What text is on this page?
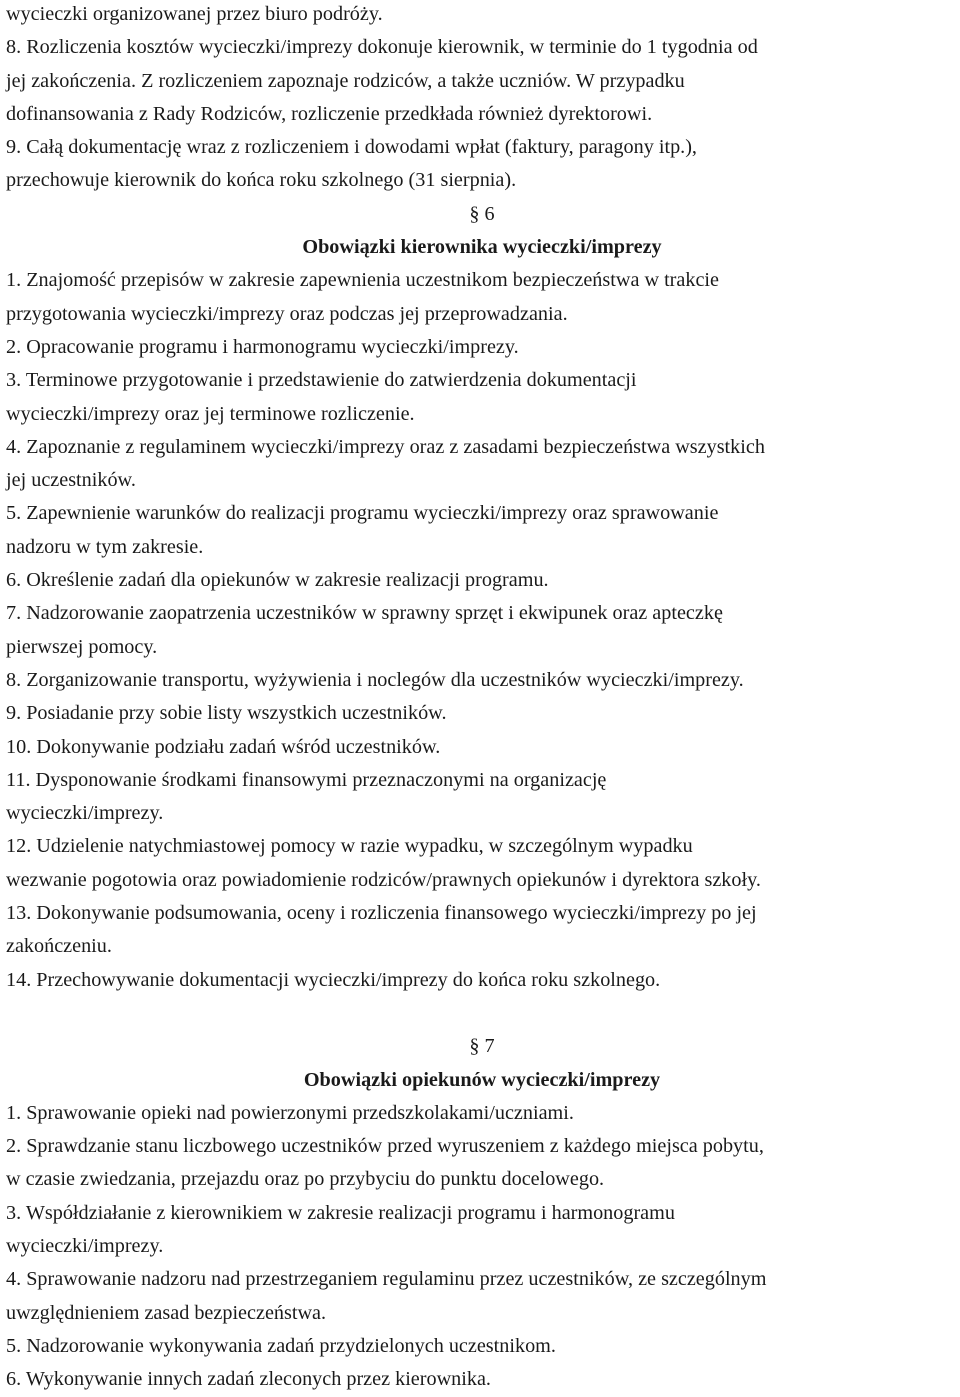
wycieczki organizowanej przez biuro podróży.
8. Rozliczenia kosztów wycieczki/imprezy dokonuje kierownik, w terminie do 1 tygodnia od
jej zakończenia. Z rozliczeniem zapoznaje rodziców, a także uczniów. W przypadku
dofinansowania z Rady Rodziców, rozliczenie przedkłada również dyrektorowi.
9. Całą dokumentację wraz z rozliczeniem i dowodami wpłat (faktury, paragony itp.),
przechowuje kierownik do końca roku szkolnego (31 sierpnia).
§ 6
Obowiązki kierownika wycieczki/imprezy
1. Znajomość przepisów w zakresie zapewnienia uczestnikom bezpieczeństwa w trakcie
przygotowania wycieczki/imprezy oraz podczas jej przeprowadzania.
2. Opracowanie programu i harmonogramu wycieczki/imprezy.
3. Terminowe przygotowanie i przedstawienie do zatwierdzenia dokumentacji
wycieczki/imprezy oraz jej terminowe rozliczenie.
4. Zapoznanie z regulaminem wycieczki/imprezy oraz z zasadami bezpieczeństwa wszystkich
jej uczestników.
5. Zapewnienie warunków do realizacji programu wycieczki/imprezy oraz sprawowanie
nadzoru w tym zakresie.
6. Określenie zadań dla opiekunów w zakresie realizacji programu.
7. Nadzorowanie zaopatrzenia uczestników w sprawny sprzęt i ekwipunek oraz apteczkę
pierwszej pomocy.
8. Zorganizowanie transportu, wyżywienia i noclegów dla uczestników wycieczki/imprezy.
9. Posiadanie przy sobie listy wszystkich uczestników.
10. Dokonywanie podziału zadań wśród uczestników.
11. Dysponowanie środkami finansowymi przeznaczonymi na organizację
wycieczki/imprezy.
12. Udzielenie natychmiastowej pomocy w razie wypadku, w szczególnym wypadku
wezwanie pogotowia oraz powiadomienie rodziców/prawnych opiekunów i dyrektora szkoły.
13. Dokonywanie podsumowania, oceny i rozliczenia finansowego wycieczki/imprezy po jej
zakończeniu.
14. Przechowywanie dokumentacji wycieczki/imprezy do końca roku szkolnego.
§ 7
Obowiązki opiekunów wycieczki/imprezy
1. Sprawowanie opieki nad powierzonymi przedszkolakami/uczniami.
2. Sprawdzanie stanu liczbowego uczestników przed wyruszeniem z każdego miejsca pobytu,
w czasie zwiedzania, przejazdu oraz po przybyciu do punktu docelowego.
3. Współdziałanie z kierownikiem w zakresie realizacji programu i harmonogramu
wycieczki/imprezy.
4. Sprawowanie nadzoru nad przestrzeganiem regulaminu przez uczestników, ze szczególnym
uwzględnieniem zasad bezpieczeństwa.
5. Nadzorowanie wykonywania zadań przydzielonych uczestnikom.
6. Wykonywanie innych zadań zleconych przez kierownika.
